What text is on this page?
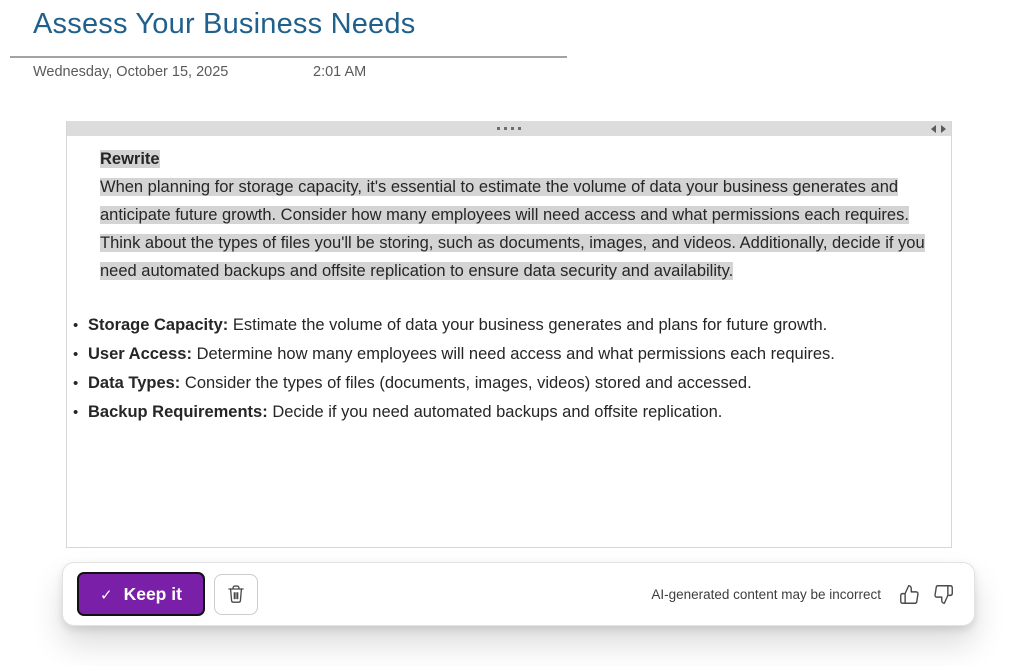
Assess Your Business Needs
Wednesday, October 15, 2025	2:01 AM
Rewrite
When planning for storage capacity, it's essential to estimate the volume of data your business generates and anticipate future growth. Consider how many employees will need access and what permissions each requires. Think about the types of files you'll be storing, such as documents, images, and videos. Additionally, decide if you need automated backups and offsite replication to ensure data security and availability.
• Storage Capacity: Estimate the volume of data your business generates and plans for future growth.
• User Access: Determine how many employees will need access and what permissions each requires.
• Data Types: Consider the types of files (documents, images, videos) stored and accessed.
• Backup Requirements: Decide if you need automated backups and offsite replication.
✓ Keep it	AI-generated content may be incorrect
